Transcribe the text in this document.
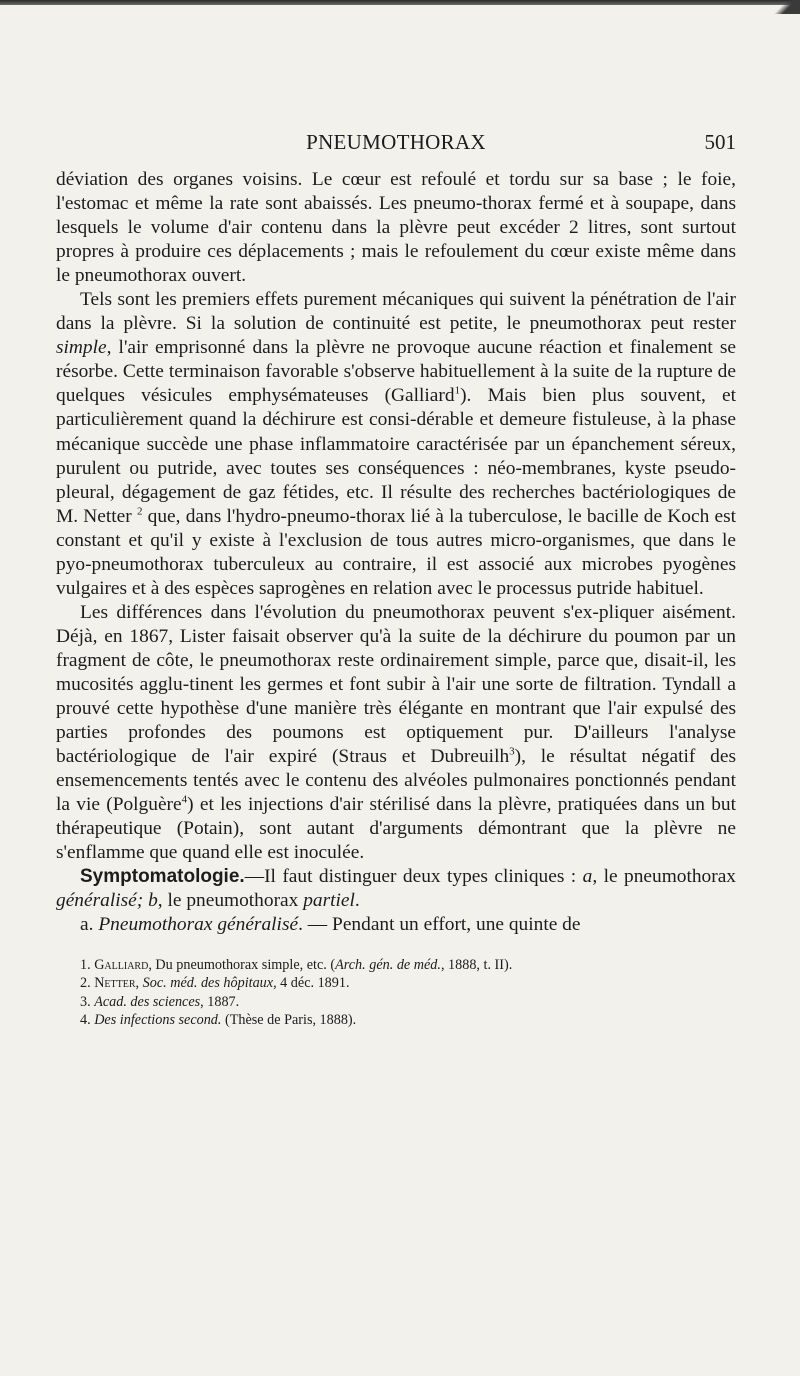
PNEUMOTHORAX	501

déviation des organes voisins. Le cœur est refoulé et tordu sur sa base ; le foie, l'estomac et même la rate sont abaissés. Les pneumo-thorax fermé et à soupape, dans lesquels le volume d'air contenu dans la plèvre peut excéder 2 litres, sont surtout propres à produire ces déplacements ; mais le refoulement du cœur existe même dans le pneumothorax ouvert.

Tels sont les premiers effets purement mécaniques qui suivent la pénétration de l'air dans la plèvre. Si la solution de continuité est petite, le pneumothorax peut rester simple, l'air emprisonné dans la plèvre ne provoque aucune réaction et finalement se résorbe. Cette terminaison favorable s'observe habituellement à la suite de la rupture de quelques vésicules emphysémateuses (Galliard$^1$). Mais bien plus souvent, et particulièrement quand la déchirure est consi-dérable et demeure fistuleuse, à la phase mécanique succède une phase inflammatoire caractérisée par un épanchement séreux, purulent ou putride, avec toutes ses conséquences : néo-membranes, kyste pseudo-pleural, dégagement de gaz fétides, etc. Il résulte des recherches bactériologiques de M. Netter $^2$ que, dans l'hydro-pneumo-thorax lié à la tuberculose, le bacille de Koch est constant et qu'il y existe à l'exclusion de tous autres micro-organismes, que dans le pyo-pneumothorax tuberculeux au contraire, il est associé aux microbes pyogènes vulgaires et à des espèces saprogènes en relation avec le processus putride habituel.

Les différences dans l'évolution du pneumothorax peuvent s'ex-pliquer aisément. Déjà, en 1867, Lister faisait observer qu'à la suite de la déchirure du poumon par un fragment de côte, le pneumothorax reste ordinairement simple, parce que, disait-il, les mucosités agglu-tinent les germes et font subir à l'air une sorte de filtration. Tyndall a prouvé cette hypothèse d'une manière très élégante en montrant que l'air expulsé des parties profondes des poumons est optiquement pur. D'ailleurs l'analyse bactériologique de l'air expiré (Straus et Dubreuilh$^3$), le résultat négatif des ensemencements tentés avec le contenu des alvéoles pulmonaires ponctionnés pendant la vie (Polguère$^4$) et les injections d'air stérilisé dans la plèvre, pratiquées dans un but thérapeutique (Potain), sont autant d'arguments démontrant que la plèvre ne s'enflamme que quand elle est inoculée.

Symptomatologie.—Il faut distinguer deux types cliniques : a, le pneumothorax généralisé; b, le pneumothorax partiel.

a. Pneumothorax généralisé. — Pendant un effort, une quinte de

1. Galliard, Du pneumothorax simple, etc. (Arch. gén. de méd., 1888, t. II).
2. Netter, Soc. méd. des hôpitaux, 4 déc. 1891.
3. Acad. des sciences, 1887.
4. Des infections second. (Thèse de Paris, 1888).
